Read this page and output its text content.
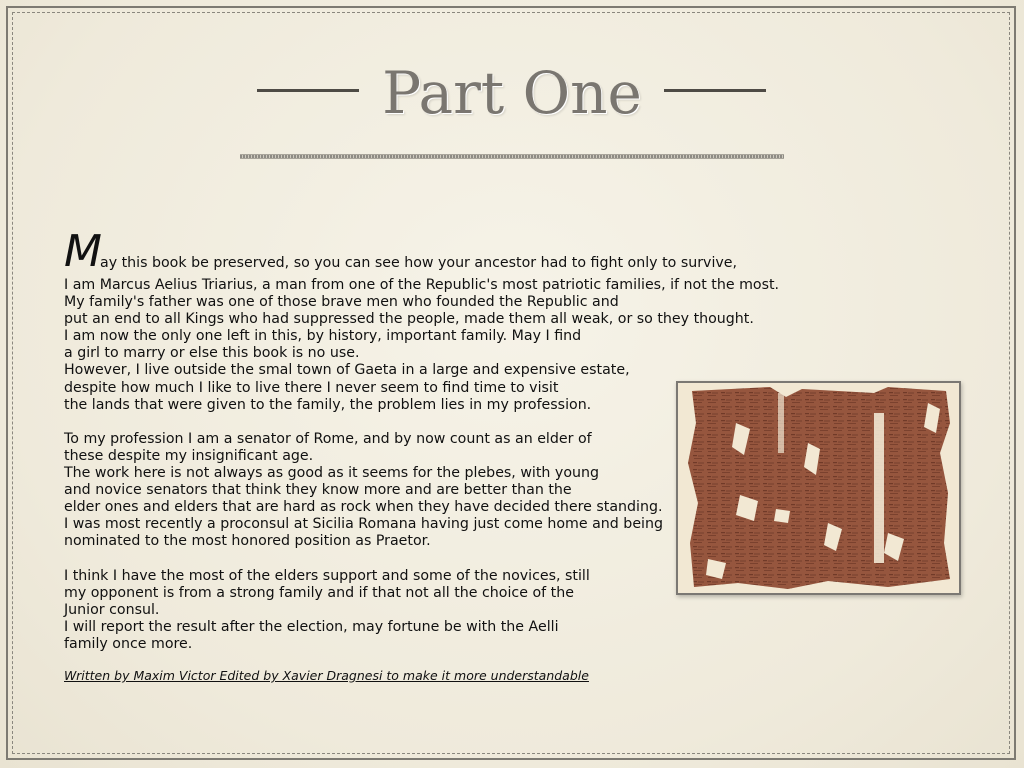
Part One
M
ay this book be preserved, so you can see how your ancestor had to fight only to survive,
I am Marcus Aelius Triarius, a man from one of the Republic's most patriotic families, if not the most.
My family's father was one of those brave men who founded the Republic and
put an end to all Kings who had suppressed the people, made them all weak, or so they thought.
I am now the only one left in this, by history, important family. May I find
a girl to marry or else this book is no use.
However, I live outside the smal town of Gaeta in a large and expensive estate,
despite how much I like to live there I never seem to find time to visit
the lands that were given to the family, the problem lies in my profession.
To my profession I am a senator of Rome, and by now count as an elder of
these despite my insignificant age.
The work here is not always as good as it seems for the plebes, with young
and novice senators that think they know more and are better than the
elder ones and elders that are hard as rock when they have decided there standing.
I was most recently a proconsul at Sicilia Romana having just come home and being
nominated to the most honored position as Praetor.
I think I have the most of the elders support and some of the novices, still
my opponent is from a strong family and if that not all the choice of the
Junior consul.
I will report the result after the election, may fortune be with the Aelli
family once more.
Written by Maxim Victor Edited by Xavier Dragnesi to make it more understandable
